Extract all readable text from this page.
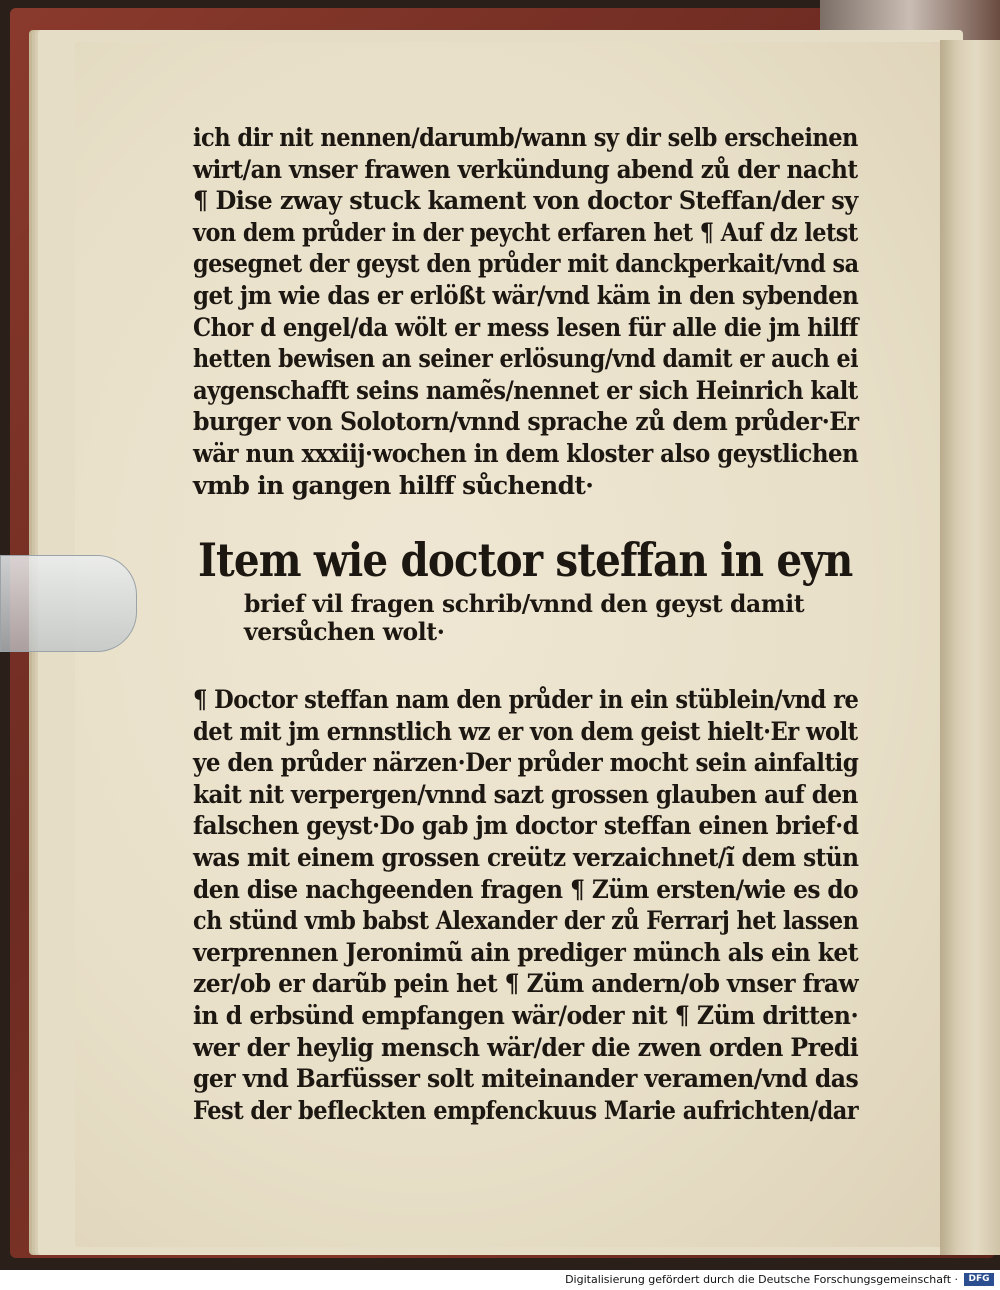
ich dir nit nennen/darumb/wann sy dir selb erscheinen
wirt/an vnser frawen verkündung abend zů der nacht
¶ Dise zway stuck kament von doctor Steffan/der sy
von dem průder in der peycht erfaren het ¶ Auf dz letst
gesegnet der geyst den průder mit danckperkait/vnd sa
get jm wie das er erlößt wär/vnd käm in den sybenden
Chor d engel/da wölt er mess lesen für alle die jm hilff
hetten bewisen an seiner erlösung/vnd damit er auch ei
aygenschafft seins namẽs/nennet er sich Heinrich kalt
burger von Solotorn/vnnd sprache zů dem průder·Er
wär nun xxxiij·wochen in dem kloster also geystlichen
vmb in gangen hilff sůchendt·
Item wie doctor steffan in eyn
brief vil fragen schrib/vnnd den geyst damit
versůchen wolt·
¶ Doctor steffan nam den průder in ein stüblein/vnd re
det mit jm ernnstlich wz er von dem geist hielt·Er wolt
ye den průder närzen·Der průder mocht sein ainfaltig
kait nit verpergen/vnnd sazt grossen glauben auf den
falschen geyst·Do gab jm doctor steffan einen brief·d
was mit einem grossen creütz verzaichnet/ĩ dem stün
den dise nachgeenden fragen ¶ Züm ersten/wie es do
ch stünd vmb babst Alexander der zů Ferrarj het lassen
verprennen Jeronimũ ain prediger münch als ein ket
zer/ob er darũb pein het ¶ Züm andern/ob vnser fraw
in d erbsünd empfangen wär/oder nit ¶ Züm dritten·
wer der heylig mensch wär/der die zwen orden Predi
ger vnd Barfüsser solt miteinander veramen/vnd das
Fest der befleckten empfenckuus Marie aufrichten/dar
Digitalisierung gefördert durch die Deutsche Forschungsgemeinschaft ·	DFG
